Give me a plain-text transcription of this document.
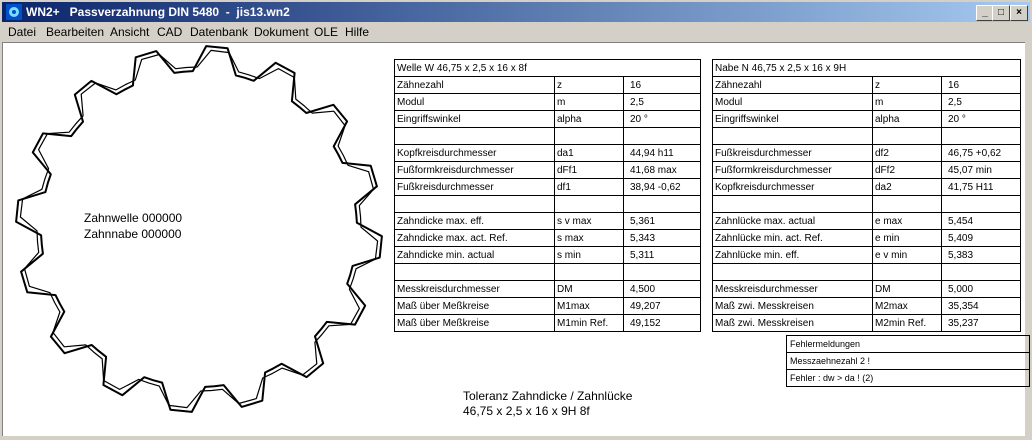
WN2+   Passverzahnung DIN 5480  -  jis13.wn2	_	□	×
Datei Bearbeiten Ansicht CAD Datenbank Dokument OLE Hilfe
Zahnwelle 000000
Zahnnabe 000000
Welle W 46,75 x 2,5 x 16 x 8f		
Zähnezahl	z	16
Modul	m	2,5
Eingriffswinkel	alpha	20 °

Kopfkreisdurchmesser	da1	44,94 h11
Fußformkreisdurchmesser	dFf1	41,68 max
Fußkreisdurchmesser	df1	38,94 -0,62

Zahndicke max. eff.	s v max	5,361
Zahndicke max. act. Ref.	s max	5,343
Zahndicke min. actual	s min	5,311

Messkreisdurchmesser	DM	4,500
Maß über Meßkreise	M1max	49,207
Maß über Meßkreise	M1min Ref.	49,152
Nabe N 46,75 x 2,5 x 16 x 9H		
Zähnezahl	z	16
Modul	m	2,5
Eingriffswinkel	alpha	20 °

Fußkreisdurchmesser	df2	46,75 +0,62
Fußformkreisdurchmesser	dFf2	45,07 min
Kopfkreisdurchmesser	da2	41,75 H11

Zahnlücke max. actual	e max	5,454
Zahnlücke min. act. Ref.	e min	5,409
Zahnlücke min. eff.	e v min	5,383

Messkreisdurchmesser	DM	5,000
Maß zwi. Messkreisen	M2max	35,354
Maß zwi. Messkreisen	M2min Ref.	35,237
Fehlermeldungen
Messzaehnezahl 2 !
Fehler : dw > da ! (2)
Toleranz Zahndicke / Zahnlücke
46,75 x 2,5 x 16 x 9H 8f
